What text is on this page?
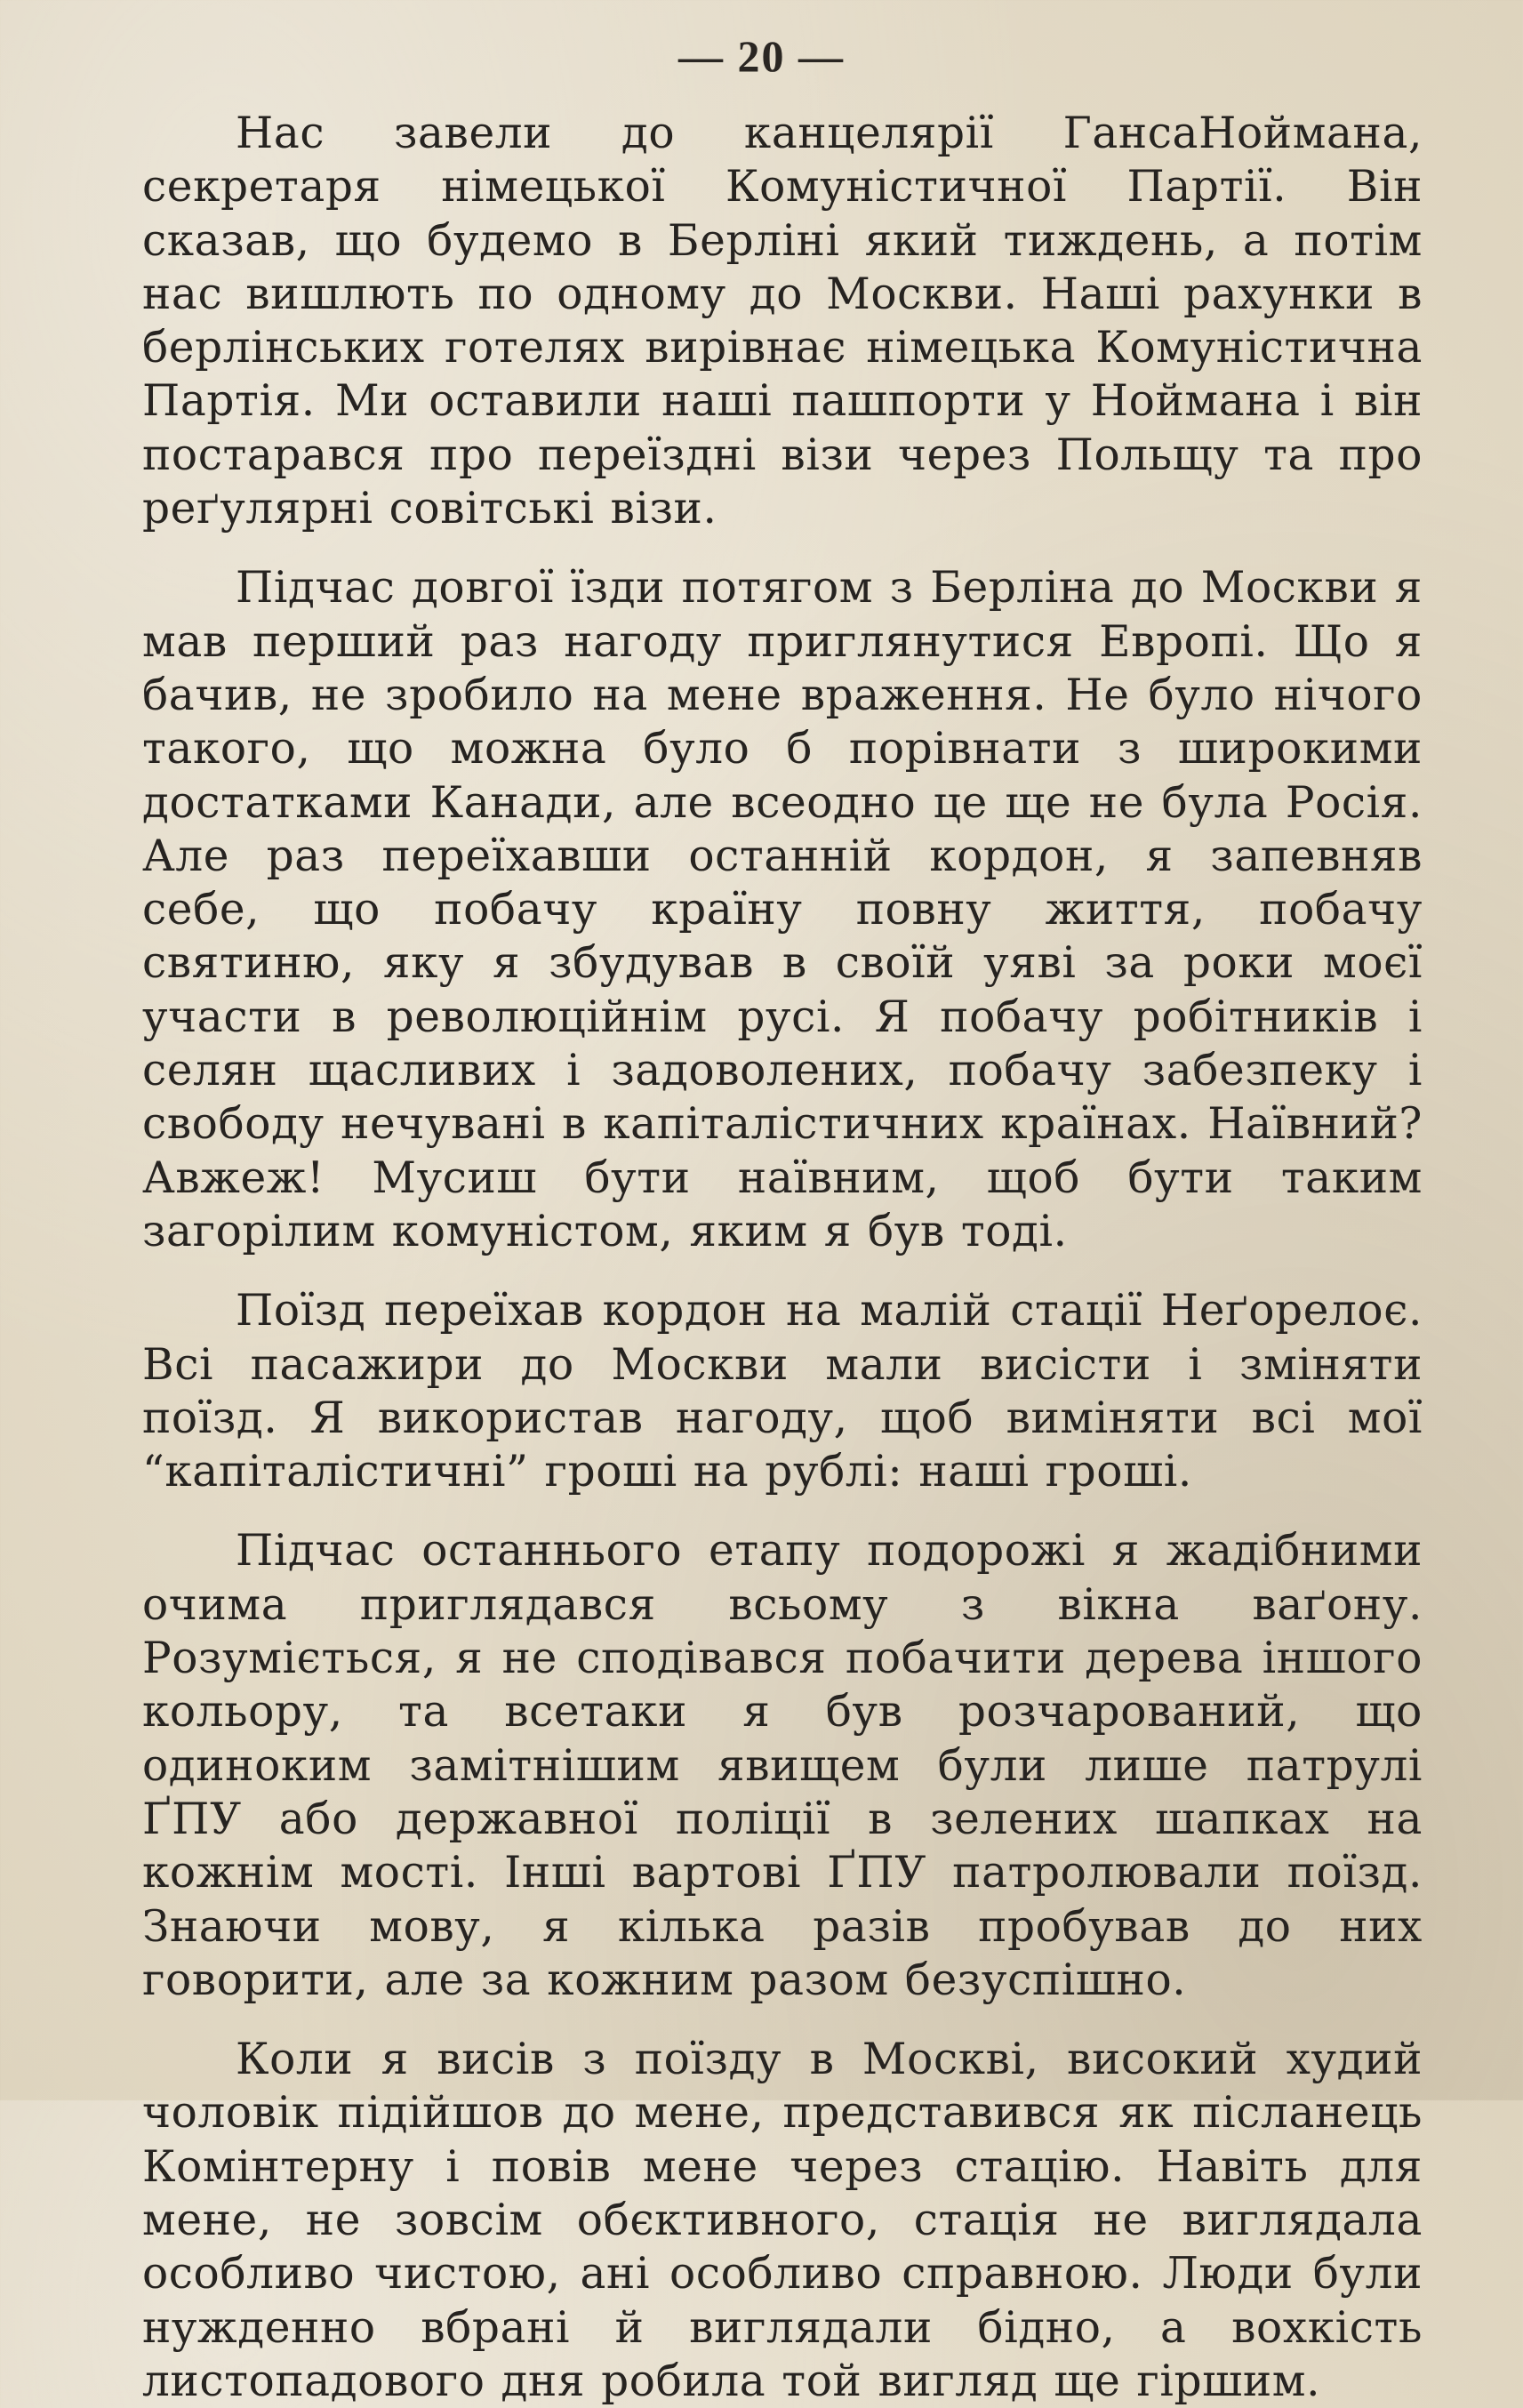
— 20 —

Нас завели до канцелярії ГансаНоймана, секретаря німецької Комуністичної Партії. Він сказав, що будемо в Берліні який тиждень, а потім нас вишлють по одному до Москви. Наші рахунки в берлінських готелях вирівнає німецька Комуністична Партія. Ми оставили наші пашпорти у Ноймана і він постарався про переїздні візи через Польщу та про реґулярні совітські візи.

Підчас довгої їзди потягом з Берліна до Москви я мав перший раз нагоду приглянутися Европі. Що я бачив, не зробило на мене враження. Не було нічого такого, що можна було б порівнати з широкими достатками Канади, але всеодно це ще не була Росія. Але раз переїхавши останній кордон, я запевняв себе, що побачу країну повну життя, побачу святиню, яку я збудував в своїй уяві за роки моєї участи в революційнім русі. Я побачу робітників і селян щасливих і задоволених, побачу забезпеку і свободу нечувані в капіталістичних країнах. Наївний? Авжеж! Мусиш бути наївним, щоб бути таким загорілим комуністом, яким я був тоді.

Поїзд переїхав кордон на малій стації Неґорелоє. Всі пасажири до Москви мали висісти і зміняти поїзд. Я використав нагоду, щоб виміняти всі мої “капіталістичні” гроші на рублі: наші гроші.

Підчас останнього етапу подорожі я жадібними очима приглядався всьому з вікна ваґону. Розуміється, я не сподівався побачити дерева іншого кольору, та всетаки я був розчарований, що одиноким замітнішим явищем були лише патрулі ҐПУ або державної поліції в зелених шапках на кожнім мості. Інші вартові ҐПУ патролювали поїзд. Знаючи мову, я кілька разів пробував до них говорити, але за кожним разом безуспішно.

Коли я висів з поїзду в Москві, високий худий чоловік підійшов до мене, представився як післанець Комінтерну і повів мене через стацію. Навіть для мене, не зовсім обєктивного, стація не виглядала особливо чистою, ані особливо справною. Люди були нужденно вбрані й виглядали бідно, а вохкість листопадового дня робила той вигляд ще гіршим.
